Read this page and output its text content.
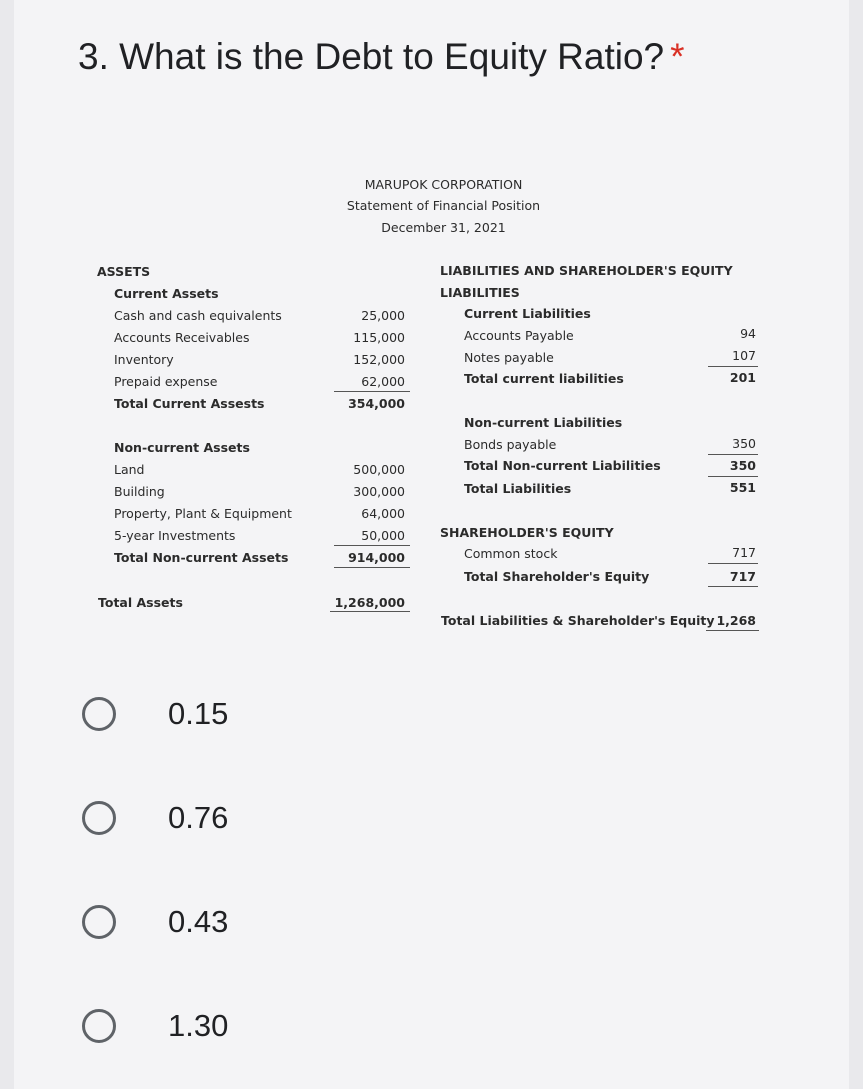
3. What is the Debt to Equity Ratio? *
MARUPOK CORPORATION
Statement of Financial Position
December 31, 2021
ASSETS
Current Assets
Cash and cash equivalents	25,000
Accounts Receivables	115,000
Inventory	152,000
Prepaid expense	62,000
Total Current Assests	354,000
Non-current Assets
Land	500,000
Building	300,000
Property, Plant & Equipment	64,000
5-year Investments	50,000
Total Non-current Assets	914,000
Total Assets	1,268,000
LIABILITIES AND SHAREHOLDER'S EQUITY
LIABILITIES
Current Liabilities
Accounts Payable	94
Notes payable	107
Total current liabilities	201
Non-current Liabilities
Bonds payable	350
Total Non-current Liabilities	350
Total Liabilities	551
SHAREHOLDER'S EQUITY
Common stock	717
Total Shareholder's Equity	717
Total Liabilities & Shareholder's Equity 1,268
0.15
0.76
0.43
1.30
